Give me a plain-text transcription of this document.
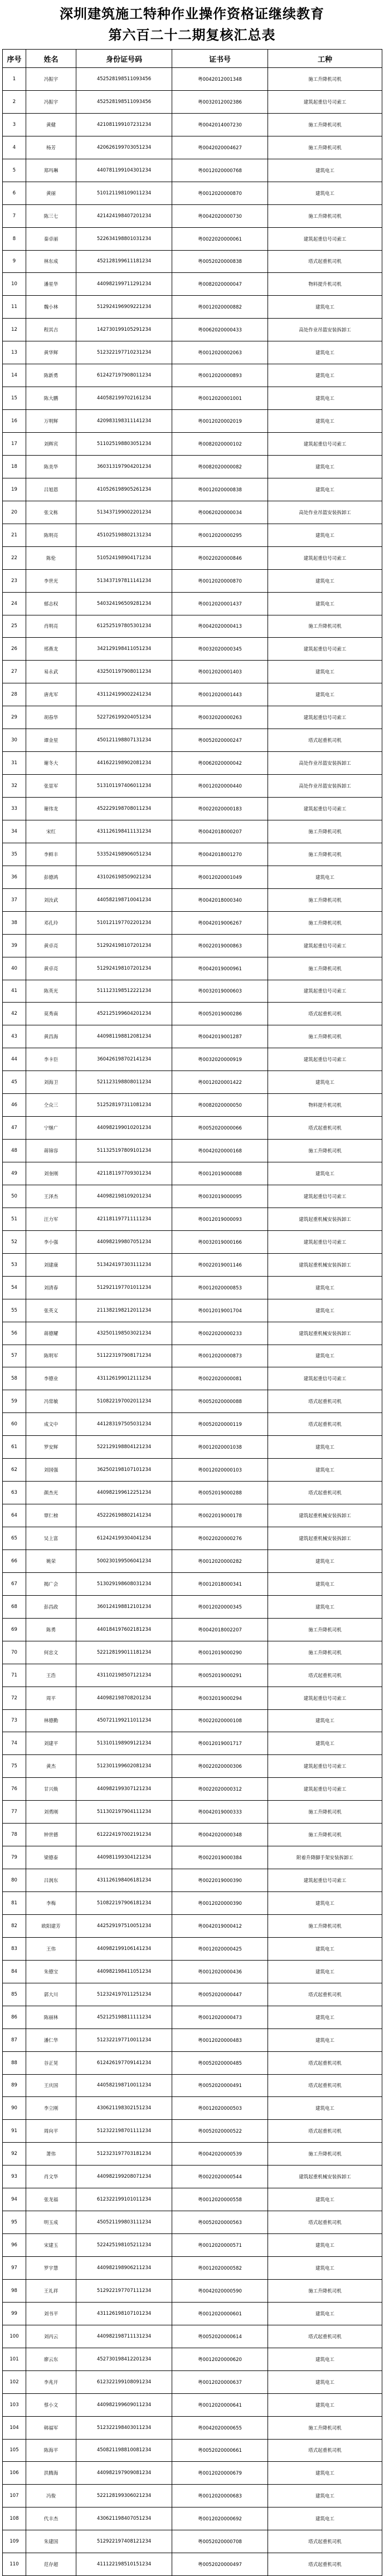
深圳建筑施工特种作业操作资格证继续教育
第六百二十二期复核汇总表
序号	姓名	身份证号码	证书号	工种
1	冯振宇	452528198511093456	粤0042012001348	施工升降机司机
2	冯振宇	452528198511093456	粤0032012002386	建筑起重信号司索工
3	黄健	421081199107231234	粤0042014007230	施工升降机司机
4	杨芳	420626199703051234	粤0042020004627	施工升降机司机
5	郑玛琳	440781199104301234	粤0012020000768	建筑电工
6	黄丽	510121198109011234	粤0012020000870	建筑电工
7	陈三七	421424198407201234	粤0042020000730	施工升降机司机
8	秦卓丽	522634198801031234	粤0022020000061	建筑起重信号司索工
9	林东成	452128199611181234	粤0052020000838	塔式起重机司机
10	潘星华	440982199711291234	粤0082020000047	物料提升机司机
11	魏小林	512924196909221234	粤0012020000882	建筑电工
12	程其吉	142730199105291234	粤0062020000433	高处作业吊篮安装拆卸工
13	黄华辉	512322197710231234	粤0012020002063	建筑电工
14	陈新勇	612427197908011234	粤0012020000893	建筑电工
15	陈大鹏	440582199702161234	粤0012020001001	建筑电工
16	万明辉	420983198311141234	粤0012020002019	建筑电工
17	刘辉宾	511025198803051234	粤0082020000102	建筑起重信号司索工
18	陈美华	360313197904201234	粤0082020000082	建筑电工
19	吕旭恩	410526198905261234	粤0012020000838	建筑电工
20	张文栋	513437199002201234	粤0062020000034	高处作业吊篮安装拆卸工
21	陈明亮	451025198802131234	粤0012020000295	建筑电工
22	陈伦	510524198904171234	粤0022020000846	建筑起重信号司索工
23	李世光	513437197811141234	粤0012020000870	建筑电工
24	郁志权	540324196509281234	粤0012020001437	建筑电工
25	肖明亮	612525197805301234	粤0042020000413	施工升降机司机
26	邢燕龙	342129198411051234	粤0032020000345	建筑起重信号司索工
27	易永武	432501197908011234	粤0012020001403	建筑电工
28	唐兆军	431124199002241234	粤0012020001443	建筑电工
29	胡春华	522726199204051234	粤0032020000263	建筑起重信号司索工
30	谭金星	450121198807131234	粤0052020000247	塔式起重机司机
31	谢冬大	441622198902081234	粤0062020000042	高处作业吊篮安装拆卸工
32	张显军	513101197406011234	粤0012020000440	高处作业吊篮安装拆卸工
33	谢伟龙	452229198708011234	粤0022020000183	建筑起重信号司索工
34	宋红	431126198411131234	粤0042018000207	施工升降机司机
35	李鲜丰	533524198906051234	粤0042018001270	施工升降机司机
36	彭德鸿	431026198509021234	粤0012020001049	建筑电工
37	刘汝武	440582198710041234	粤0042018000340	施工升降机司机
38	邓孔玲	510121197702201234	粤0042019006267	施工升降机司机
39	黄卓亮	512924198107201234	粤0022019000863	建筑起重信号司索工
40	黄卓亮	512924198107201234	粤0042019000961	施工升降机司机
41	陈英光	511123198512221234	粤0032019000603	建筑起重信号司索工
42	莫秀南	452125199604201234	粤0052019000286	塔式起重机司机
43	黄昌海	440981198812081234	粤0042019001287	施工升降机司机
44	李卡臣	360426198702141234	粤0032020000919	建筑起重信号司索工
45	刘海卫	521123198808011234	粤0012020001422	建筑电工
46	仝众三	512528197311081234	粤0082020000050	物料提升机司机
47	宁继广	440982199010201234	粤0052020000066	塔式起重机司机
48	蒋锦容	511325197809101234	粤0042020000168	施工升降机司机
49	刘奎刚	421181197709301234	粤0012019000088	建筑电工
50	王泽杰	440982198109201234	粤0032019000095	建筑起重信号司索工
51	汪力军	421181197711111234	粤0012019000093	建筑起重机械安装拆卸工
52	李小强	440982199807051234	粤0032019000166	建筑起重信号司索工
53	刘建康	513424197303111234	粤0022019001146	建筑起重机械安装拆卸工
54	刘清春	512921197701011234	粤0012020000853	建筑电工
55	张英义	211382198212011234	粤0012019001704	建筑电工
56	蒋德耀	432501198503021234	粤0022020000233	建筑起重机械安装拆卸工
57	陈明军	511223197908171234	粤0012020000873	建筑电工
58	李德业	431126199012111234	粤0022020000081	建筑起重信号司索工
59	冯常敏	510822197002011234	粤0052020000088	塔式起重机司机
60	成文中	441283197505031234	粤0052020000119	塔式起重机司机
61	罗安辉	522129198804121234	粤0012020001038	建筑电工
62	刘国强	362502198107101234	粤0012020000103	建筑电工
63	颜杰光	440982199612251234	粤0052019000288	塔式起重机司机
64	覃仁榜	452226198802141234	粤0022019000178	建筑起重机械安装拆卸工
65	吴上富	612424199304041234	粤0022020000276	建筑起重机械安装拆卸工
66	姚荣	500230199506041234	粤0012020000282	建筑电工
67	揭广会	513029198608031234	粤0012018000341	建筑电工
68	彭昌政	360124198812101234	粤0012020000345	建筑电工
69	陈勇	440184197602181234	粤0042018002207	施工升降机司机
70	何忠文	522128199011181234	粤0012019000290	施工升降机司机
71	王浩	431102198507121234	粤0052019000291	塔式起重机司机
72	周平	440982198708201234	粤0032019000294	建筑起重信号司索工
73	林德勤	450721199211011234	粤0022020000108	建筑电工
74	刘建平	513101198909121234	粤0012019001717	建筑电工
75	黄杰	512301199602081234	粤0022020000306	建筑起重信号司索工
76	甘兴焕	440982199307121234	粤0022020000312	建筑起重信号司索工
77	刘勇刚	511302197904111234	粤0042019000333	施工升降机司机
78	钟世德	612224197002191234	粤0042020000348	施工升降机司机
79	梁德泰	440981199304121234	粤0022019000384	附着升降脚手架安装拆卸工
80	吕润东	431126198406181234	粤0022019000390	建筑起重信号司索工
81	李梅	510822197906181234	粤0012020000390	建筑电工
82	欧阳建芳	442529197510051234	粤0042019000412	施工升降机司机
83	王伟	440982199106141234	粤0012020000425	建筑电工
84	朱德宝	440982198411051234	粤0012020000436	建筑电工
85	郭大川	512324197011251234	粤0052020000447	塔式起重机司机
86	陈丽林	452125198811111234	粤0012020000473	建筑电工
87	潘仁华	512322197710011234	粤0012020000483	建筑电工
88	谷正晃	612426197709141234	粤0052020000485	塔式起重机司机
89	王庆国	440582198710011234	粤0052020000491	塔式起重机司机
90	李立刚	430621198302151234	粤0012020000503	建筑电工
91	周向平	512322198701111234	粤0052020000522	塔式起重机司机
92	萧伟	512323197703181234	粤0042020000539	施工升降机司机
93	肖文华	440982199208071234	粤0022020000544	建筑起重机械安装拆卸工
94	张龙福	612322199101011234	粤0012020000558	建筑电工
95	明玉成	450521199803111234	粤0052020000563	塔式起重机司机
96	宋建玉	522425198105211234	粤0012020000571	建筑电工
97	罗宇慧	440982198906211234	粤0012020000582	建筑电工
98	王礼祥	512922197707111234	粤0042020000590	施工升降机司机
99	刘书平	431126198107101234	粤0012020000601	建筑电工
100	刘丙云	440982198711131234	粤0052020000614	塔式起重机司机
101	廖云东	452730198412201234	粤0012020000620	建筑电工
102	李兆开	612322199108091234	粤0012020000637	建筑电工
103	蔡小文	440982199609011234	粤0012020000641	建筑电工
104	韩福军	512322198403011234	粤0042020000655	施工升降机司机
105	陈海平	450821198810081234	粤0052020000661	塔式起重机司机
106	洪腾海	440982197909081234	粤0012020000679	建筑电工
107	冯俊	522128199306021234	粤0012020000683	建筑电工
108	代丰杰	430621198407051234	粤0012020000692	建筑电工
109	朱建国	512922197408121234	粤0052020000708	塔式起重机司机
110	范存超	411122198510151234	粤0052020000497	塔式起重机司机
